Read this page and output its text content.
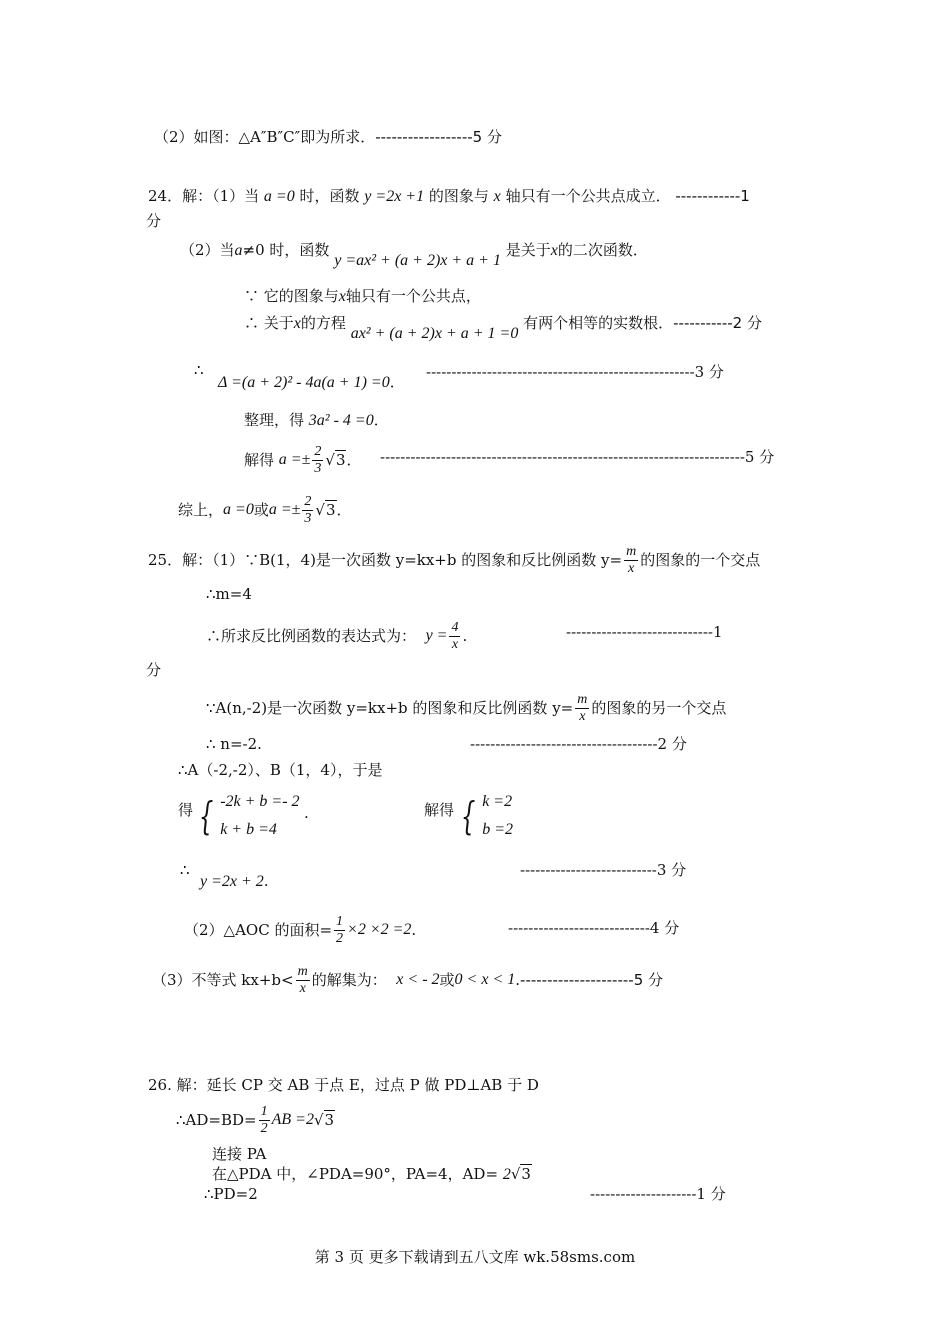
（2）如图：△A″B″C″即为所求．------------------5 分
24．解：（1）当 a =0 时，函数 y =2x +1 的图象与 x 轴只有一个公共点成立． ------------1
分
（2）当a≠0 时，函数 y =ax² + (a + 2)x + a + 1 是关于x的二次函数．
∵ 它的图象与x轴只有一个公共点，
∴ 关于x的方程 ax² + (a + 2)x + a + 1 =0 有两个相等的实数根．-----------2 分
∴
Δ =(a + 2)² - 4a(a + 1) =0．
-----------------------------------------------------3 分
整理，得 3a² - 4 =0．
解得
$a =\pm \frac{2}{3} √3$ ． ------------------------------------------------------------------------5 分
综上， a =0 或 $a =\pm \frac{2}{3} √3$ ．
25．解：（1）∵B(1，4)是一次函数 y=kx+b 的图象和反比例函数 $y= \frac{m}{x}$ 的图象的一个交点
∴m=4
∴所求反比例函数的表达式为：
$y = \frac{4}{x}$ .	-----------------------------1
分
∵A(n,-2)是一次函数 y=kx+b 的图象和反比例函数 $y= \frac{m}{x}$ 的图象的另一个交点
∴ n=-2.	-------------------------------------2 分
∴A（-2,-2）、B（1，4），于是
得 { -2k + b =- 2
k + b =4
.	解得 { k =2
b =2
∴
y =2x + 2.
---------------------------3 分
（2）△AOC 的面积= $\frac{1}{2} \times 2 \times 2 =2$ .	----------------------------4 分
（3）不等式 $kx+b< \frac{m}{x}$ 的解集为：
x < - 2 或 0 < x < 1 . ---------------------5 分
26. 解：延长 CP 交 AB 于点 E，过点 P 做 PD⊥AB 于 D
∴AD=BD= $\frac{1}{2}$ AB = 2 √3
连接 PA
在△PDA 中，∠PDA=90°，PA=4，AD= 2√3
∴PD=2	---------------------1 分
第 3 页 更多下载请到五八文库 wk.58sms.com
